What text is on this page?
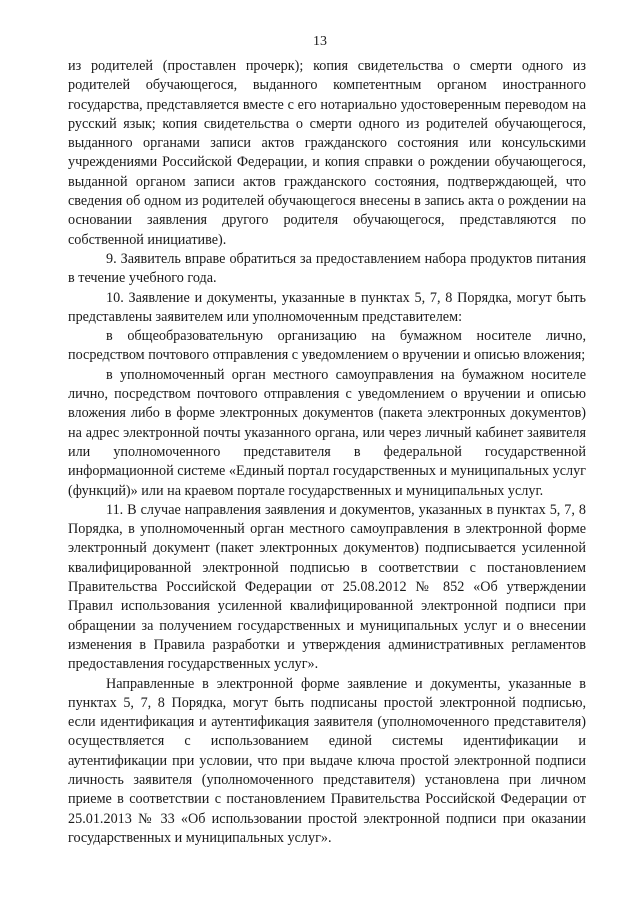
13

из родителей (проставлен прочерк); копия свидетельства о смерти одного из родителей обучающегося, выданного компетентным органом иностранного государства, представляется вместе с его нотариально удостоверенным переводом на русский язык; копия свидетельства о смерти одного из родителей обучающегося, выданного органами записи актов гражданского состояния или консульскими учреждениями Российской Федерации, и копия справки о рождении обучающегося, выданной органом записи актов гражданского состояния, подтверждающей, что сведения об одном из родителей обучающегося внесены в запись акта о рождении на основании заявления другого родителя обучающегося, представляются по собственной инициативе).

9. Заявитель вправе обратиться за предоставлением набора продуктов питания в течение учебного года.

10. Заявление и документы, указанные в пунктах 5, 7, 8 Порядка, могут быть представлены заявителем или уполномоченным представителем:

в общеобразовательную организацию на бумажном носителе лично, посредством почтового отправления с уведомлением о вручении и описью вложения;

в уполномоченный орган местного самоуправления на бумажном носителе лично, посредством почтового отправления с уведомлением о вручении и описью вложения либо в форме электронных документов (пакета электронных документов) на адрес электронной почты указанного органа, или через личный кабинет заявителя или уполномоченного представителя в федеральной государственной информационной системе «Единый портал государственных и муниципальных услуг (функций)» или на краевом портале государственных и муниципальных услуг.

11. В случае направления заявления и документов, указанных в пунктах 5, 7, 8 Порядка, в уполномоченный орган местного самоуправления в электронной форме электронный документ (пакет электронных документов) подписывается усиленной квалифицированной электронной подписью в соответствии с постановлением Правительства Российской Федерации от 25.08.2012 № 852 «Об утверждении Правил использования усиленной квалифицированной электронной подписи при обращении за получением государственных и муниципальных услуг и о внесении изменения в Правила разработки и утверждения административных регламентов предоставления государственных услуг».

Направленные в электронной форме заявление и документы, указанные в пунктах 5, 7, 8 Порядка, могут быть подписаны простой электронной подписью, если идентификация и аутентификация заявителя (уполномоченного представителя) осуществляется с использованием единой системы идентификации и аутентификации при условии, что при выдаче ключа простой электронной подписи личность заявителя (уполномоченного представителя) установлена при личном приеме в соответствии с постановлением Правительства Российской Федерации от 25.01.2013 № 33 «Об использовании простой электронной подписи при оказании государственных и муниципальных услуг».
